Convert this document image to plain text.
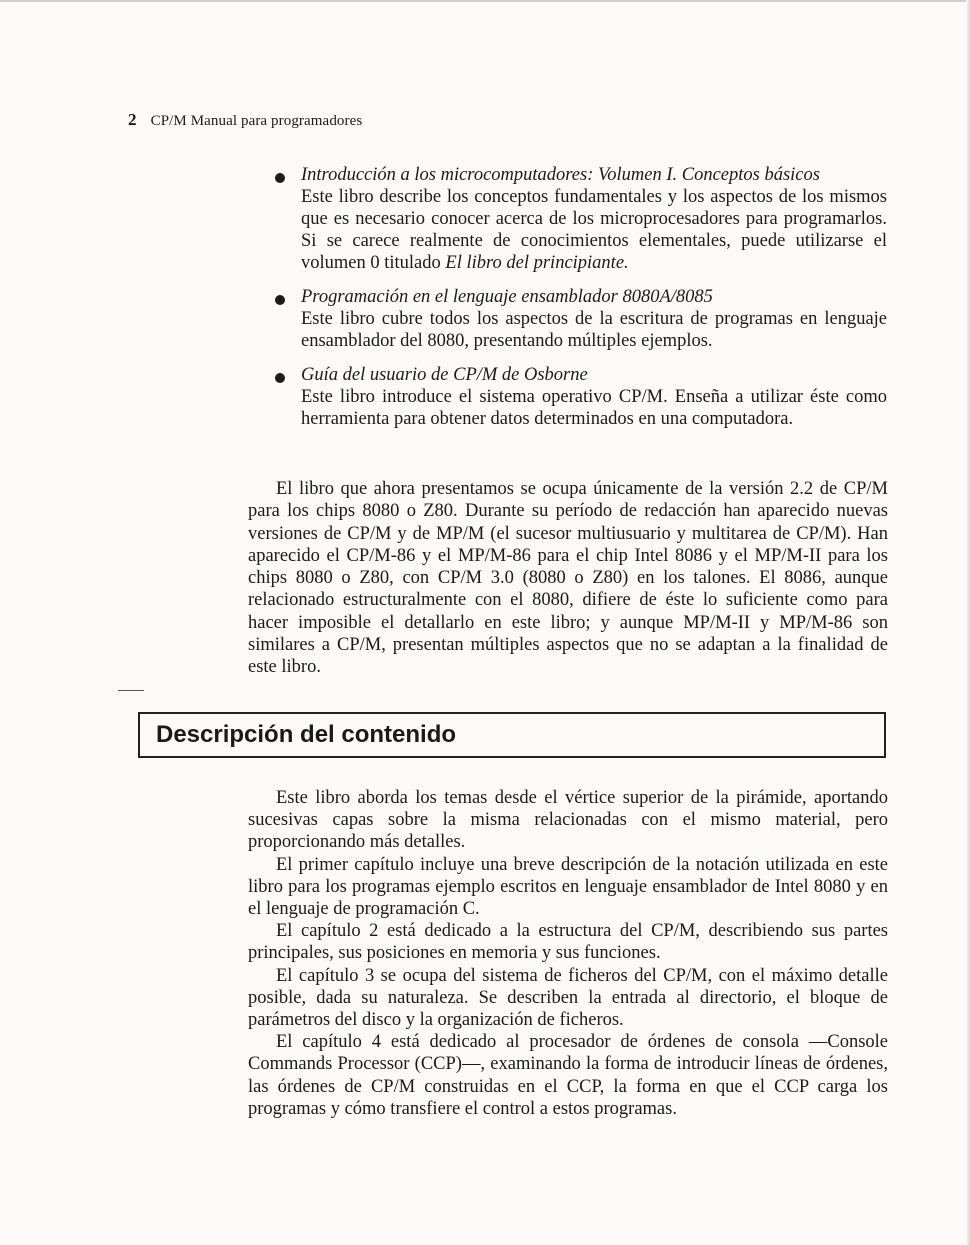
2 CP/M Manual para programadores
Introducción a los microcomputadores: Volumen I. Conceptos básicos
Este libro describe los conceptos fundamentales y los aspectos de los mismos que es necesario conocer acerca de los microprocesadores para programarlos. Si se carece realmente de conocimientos elementales, puede utilizarse el volumen 0 titulado El libro del principiante.
Programación en el lenguaje ensamblador 8080A/8085
Este libro cubre todos los aspectos de la escritura de programas en lenguaje ensamblador del 8080, presentando múltiples ejemplos.
Guía del usuario de CP/M de Osborne
Este libro introduce el sistema operativo CP/M. Enseña a utilizar éste como herramienta para obtener datos determinados en una computadora.

El libro que ahora presentamos se ocupa únicamente de la versión 2.2 de CP/M para los chips 8080 o Z80. Durante su período de redacción han aparecido nuevas versiones de CP/M y de MP/M (el sucesor multiusuario y multitarea de CP/M). Han aparecido el CP/M-86 y el MP/M-86 para el chip Intel 8086 y el MP/M-II para los chips 8080 o Z80, con CP/M 3.0 (8080 o Z80) en los talones. El 8086, aunque relacionado estructuralmente con el 8080, difiere de éste lo suficiente como para hacer imposible el detallarlo en este libro; y aunque MP/M-II y MP/M-86 son similares a CP/M, presentan múltiples aspectos que no se adaptan a la finalidad de este libro.

Descripción del contenido

Este libro aborda los temas desde el vértice superior de la pirámide, aportando sucesivas capas sobre la misma relacionadas con el mismo material, pero proporcionando más detalles.

El primer capítulo incluye una breve descripción de la notación utilizada en este libro para los programas ejemplo escritos en lenguaje ensamblador de Intel 8080 y en el lenguaje de programación C.

El capítulo 2 está dedicado a la estructura del CP/M, describiendo sus partes principales, sus posiciones en memoria y sus funciones.

El capítulo 3 se ocupa del sistema de ficheros del CP/M, con el máximo detalle posible, dada su naturaleza. Se describen la entrada al directorio, el bloque de parámetros del disco y la organización de ficheros.

El capítulo 4 está dedicado al procesador de órdenes de consola —Console Commands Processor (CCP)—, examinando la forma de introducir líneas de órdenes, las órdenes de CP/M construidas en el CCP, la forma en que el CCP carga los programas y cómo transfiere el control a estos programas.
